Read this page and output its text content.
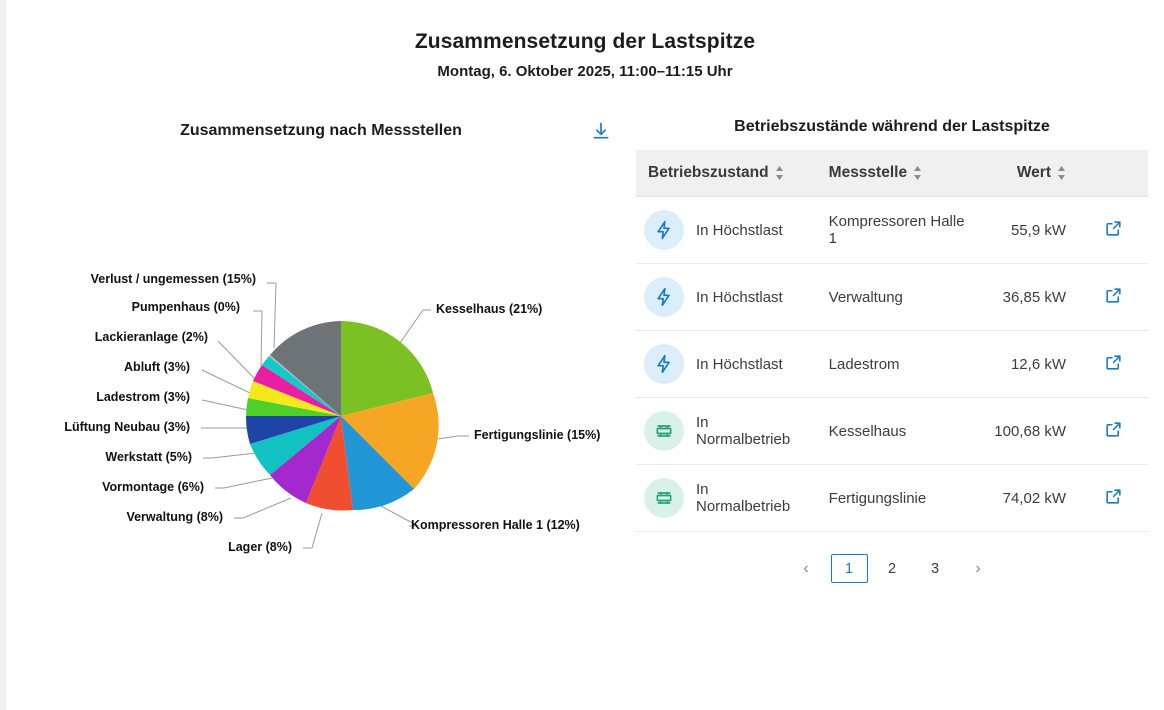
Zusammensetzung der Lastspitze
Montag, 6. Oktober 2025, 11:00–11:15 Uhr
Zusammensetzung nach Messstellen
Kesselhaus (21%)
Fertigungslinie (15%)
Kompressoren Halle 1 (12%)
Lager (8%)
Verwaltung (8%)
Vormontage (6%)
Werkstatt (5%)
Lüftung Neubau (3%)
Ladestrom (3%)
Abluft (3%)
Lackieranlage (2%)
Pumpenhaus (0%)
Verlust / ungemessen (15%)
Betriebszustände während der Lastspitze
Betriebszustand	Messstelle	Wert	

In Höchstlast	Kompressoren Halle 1	55,9 kW	

In Höchstlast	Verwaltung	36,85 kW	

In Höchstlast	Ladestrom	12,6 kW	

In Normalbetrieb	Kesselhaus	100,68 kW	

In Normalbetrieb	Fertigungslinie	74,02 kW	
‹	1	2	3	›
